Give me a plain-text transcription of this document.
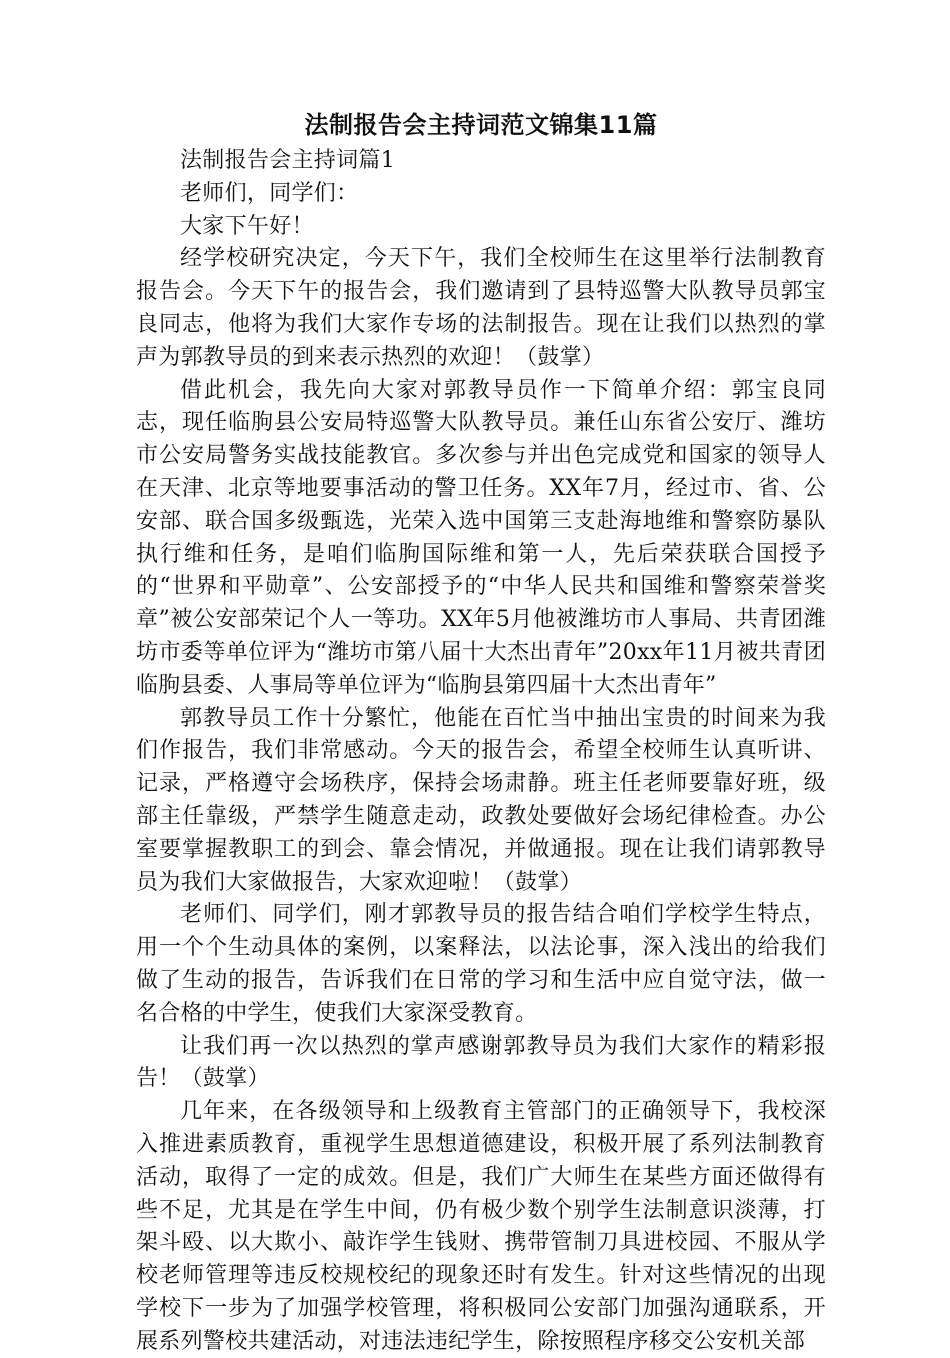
法制报告会主持词范文锦集11篇

法制报告会主持词篇1

老师们，同学们：

大家下午好！

经学校研究决定，今天下午，我们全校师生在这里举行法制教育报告会。今天下午的报告会，我们邀请到了县特巡警大队教导员郭宝良同志，他将为我们大家作专场的法制报告。现在让我们以热烈的掌声为郭教导员的到来表示热烈的欢迎！（鼓掌）

借此机会，我先向大家对郭教导员作一下简单介绍：郭宝良同志，现任临朐县公安局特巡警大队教导员。兼任山东省公安厅、潍坊市公安局警务实战技能教官。多次参与并出色完成党和国家的领导人在天津、北京等地要事活动的警卫任务。XX年7月，经过市、省、公安部、联合国多级甄选，光荣入选中国第三支赴海地维和警察防暴队执行维和任务，是咱们临朐国际维和第一人，先后荣获联合国授予的“世界和平勋章”、公安部授予的“中华人民共和国维和警察荣誉奖章”被公安部荣记个人一等功。XX年5月他被潍坊市人事局、共青团潍坊市委等单位评为“潍坊市第八届十大杰出青年”20xx年11月被共青团临朐县委、人事局等单位评为“临朐县第四届十大杰出青年”

郭教导员工作十分繁忙，他能在百忙当中抽出宝贵的时间来为我们作报告，我们非常感动。今天的报告会，希望全校师生认真听讲、记录，严格遵守会场秩序，保持会场肃静。班主任老师要靠好班，级部主任靠级，严禁学生随意走动，政教处要做好会场纪律检查。办公室要掌握教职工的到会、靠会情况，并做通报。现在让我们请郭教导员为我们大家做报告，大家欢迎啦！（鼓掌）

老师们、同学们，刚才郭教导员的报告结合咱们学校学生特点，用一个个生动具体的案例，以案释法，以法论事，深入浅出的给我们做了生动的报告，告诉我们在日常的学习和生活中应自觉守法，做一名合格的中学生，使我们大家深受教育。

让我们再一次以热烈的掌声感谢郭教导员为我们大家作的精彩报告！（鼓掌）

几年来，在各级领导和上级教育主管部门的正确领导下，我校深入推进素质教育，重视学生思想道德建设，积极开展了系列法制教育活动，取得了一定的成效。但是，我们广大师生在某些方面还做得有些不足，尤其是在学生中间，仍有极少数个别学生法制意识淡薄，打架斗殴、以大欺小、敲诈学生钱财、携带管制刀具进校园、不服从学校老师管理等违反校规校纪的现象还时有发生。针对这些情况的出现学校下一步为了加强学校管理，将积极同公安部门加强沟通联系，开展系列警校共建活动，对违法违纪学生，除按照程序移交公安机关部
